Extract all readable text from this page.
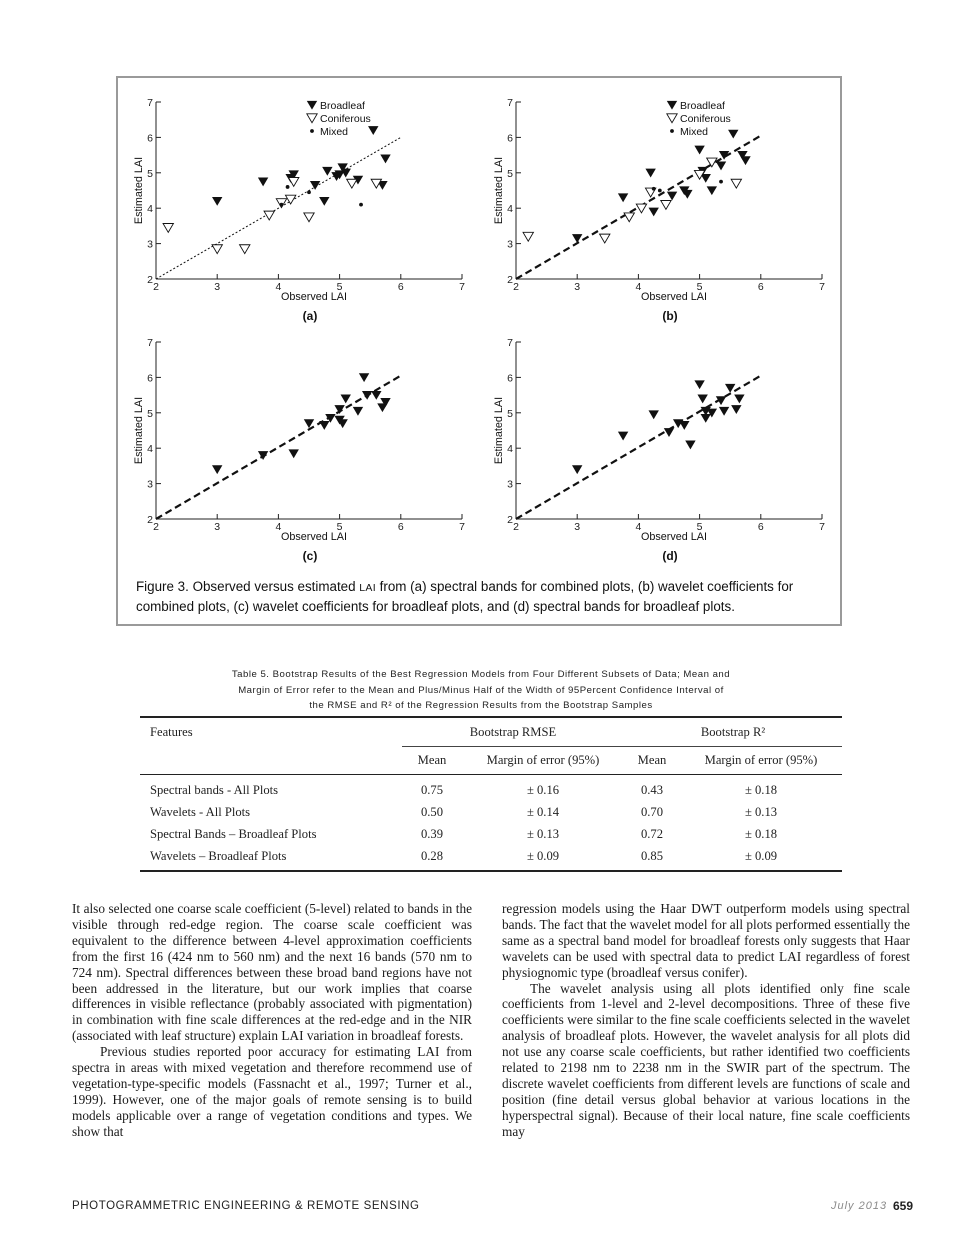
2	3	4	5	6	7
2
3
4
5
6
7
Observed LAI
Estimated LAI
(a)
Broadleaf
Coniferous
Mixed
2	3	4	5	6	7
2
3
4
5
6
7
Observed LAI
Estimated LAI
(b)
Broadleaf
Coniferous
Mixed
2	3	4	5	6	7
2
3
4
5
6
7
Observed LAI
Estimated LAI
(c)
2	3	4	5	6	7
2
3
4
5
6
7
Observed LAI
Estimated LAI
(d)
Figure 3. Observed versus estimated LAI from (a) spectral bands for combined plots, (b) wavelet coefficients for combined plots, (c) wavelet coefficients for broadleaf plots, and (d) spectral bands for broadleaf plots.
Table 5. Bootstrap Results of the Best Regression Models from Four Different Subsets of Data; Mean and
Margin of Error refer to the Mean and Plus/Minus Half of the Width of 95Percent Confidence Interval of
the RMSE and R² of the Regression Results from the Bootstrap Samples
Features	Bootstrap RMSE		Bootstrap R²	
	Mean	Margin of error (95%)	Mean	Margin of error (95%)
Spectral bands - All Plots	0.75	± 0.16	0.43	± 0.18
Wavelets - All Plots	0.50	± 0.14	0.70	± 0.13
Spectral Bands – Broadleaf Plots	0.39	± 0.13	0.72	± 0.18
Wavelets – Broadleaf Plots	0.28	± 0.09	0.85	± 0.09

It also selected one coarse scale coefficient (5-level) related to bands in the visible through red-edge region. The coarse scale coefficient was equivalent to the difference between 4-level approximation coefficients from the first 16 (424 nm to 560 nm) and the next 16 bands (570 nm to 724 nm). Spectral differences between these broad band regions have not been addressed in the literature, but our work implies that coarse differences in visible reflectance (probably associated with pigmentation) in combination with fine scale differences at the red-edge and in the NIR (associated with leaf structure) explain LAI variation in broadleaf forests.

Previous studies reported poor accuracy for estimating LAI from spectra in areas with mixed vegetation and therefore recommend use of vegetation-type-specific models (Fassnacht et al., 1997; Turner et al., 1999). However, one of the major goals of remote sensing is to build models applicable over a range of vegetation conditions and types. We show that

regression models using the Haar DWT outperform models using spectral bands. The fact that the wavelet model for all plots performed essentially the same as a spectral band model for broadleaf forests only suggests that Haar wavelets can be used with spectral data to predict LAI regardless of forest physiognomic type (broadleaf versus conifer).

The wavelet analysis using all plots identified only fine scale coefficients from 1-level and 2-level decompositions. Three of these five coefficients were similar to the fine scale coefficients selected in the wavelet analysis of broadleaf plots. However, the wavelet analysis for all plots did not use any coarse scale coefficients, but rather identified two coefficients related to 2198 nm to 2238 nm in the SWIR part of the spectrum. The discrete wavelet coefficients from different levels are functions of scale and position (fine detail versus global behavior at various locations in the hyperspectral signal). Because of their local nature, fine scale coefficients may

PHOTOGRAMMETRIC ENGINEERING & REMOTE SENSING	July 2013 659
